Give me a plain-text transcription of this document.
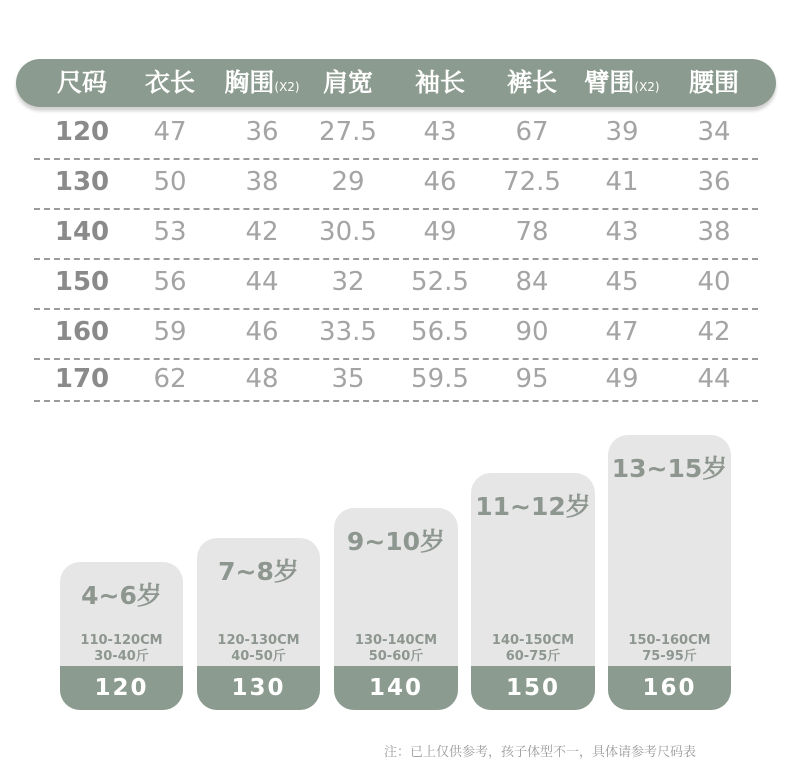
尺码 衣长 胸围(X2) 肩宽 袖长 裤长 臂围(X2) 腰围
120 47 36 27.5 43 67 39 34
130 50 38 29 46 72.5 41 36
140 53 42 30.5 49 78 43 38
150 56 44 32 52.5 84 45 40
160 59 46 33.5 56.5 90 47 42
170 62 48 35 59.5 95 49 44
4~6岁
110-120CM
30-40斤
120
7~8岁
120-130CM
40-50斤
130
9~10岁
130-140CM
50-60斤
140
11~12岁
140-150CM
60-75斤
150
13~15岁
150-160CM
75-95斤
160
注：已上仅供参考，孩子体型不一，具体请参考尺码表
